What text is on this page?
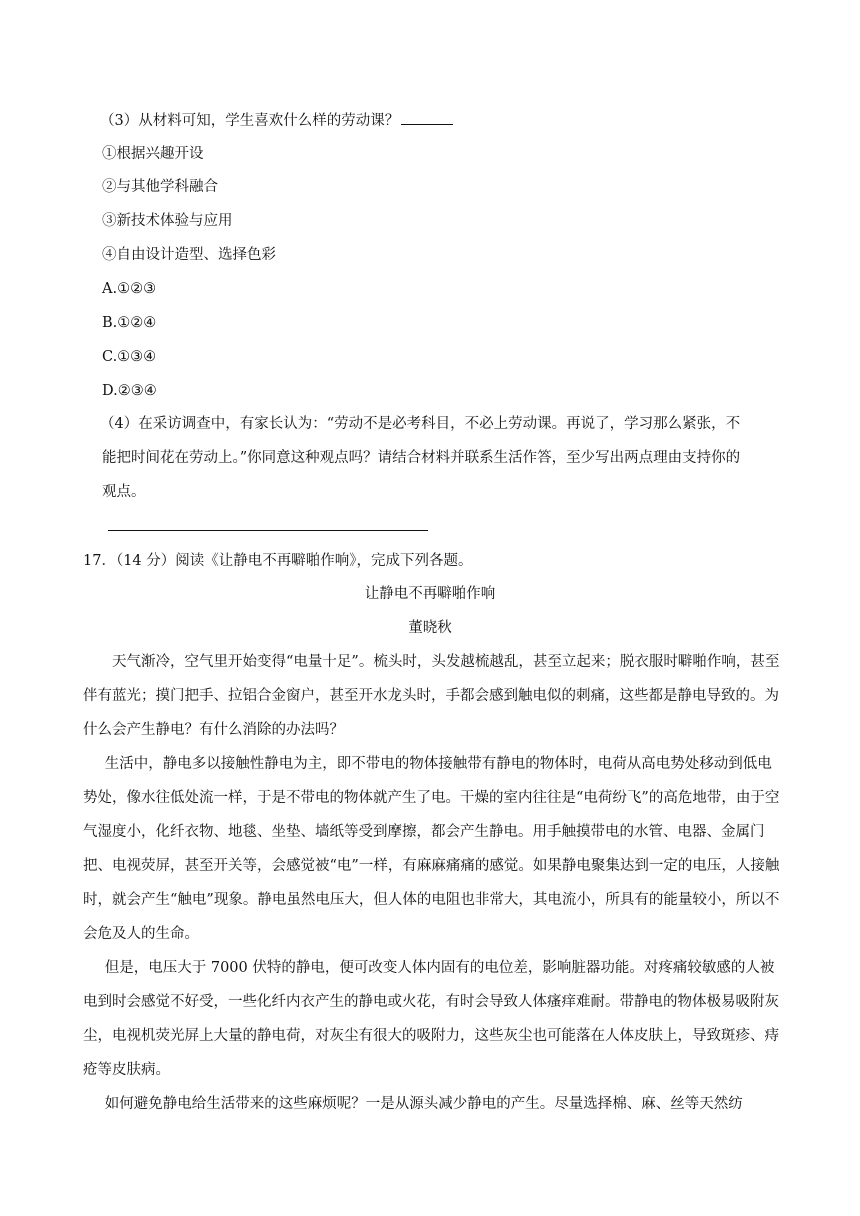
（3）从材料可知，学生喜欢什么样的劳动课？
①根据兴趣开设
②与其他学科融合
③新技术体验与应用
④自由设计造型、选择色彩
A.①②③
B.①②④
C.①③④
D.②③④
（4）在采访调查中，有家长认为：“劳动不是必考科目，不必上劳动课。再说了，学习那么紧张，不
能把时间花在劳动上。”你同意这种观点吗？请结合材料并联系生活作答，至少写出两点理由支持你的
观点。
17．（14 分）阅读《让静电不再噼啪作响》，完成下列各题。
让静电不再噼啪作响
董晓秋
天气渐冷，空气里开始变得“电量十足”。梳头时，头发越梳越乱，甚至立起来；脱衣服时噼啪作响，甚至伴有蓝光；摸门把手、拉铝合金窗户，甚至开水龙头时，手都会感到触电似的刺痛，这些都是静电导致的。为什么会产生静电？有什么消除的办法吗？
生活中，静电多以接触性静电为主，即不带电的物体接触带有静电的物体时，电荷从高电势处移动到低电势处，像水往低处流一样，于是不带电的物体就产生了电。干燥的室内往往是“电荷纷飞”的高危地带，由于空气湿度小，化纤衣物、地毯、坐垫、墙纸等受到摩擦，都会产生静电。用手触摸带电的水管、电器、金属门把、电视荧屏，甚至开关等，会感觉被“电”一样，有麻麻痛痛的感觉。如果静电聚集达到一定的电压，人接触时，就会产生“触电”现象。静电虽然电压大，但人体的电阻也非常大，其电流小，所具有的能量较小，所以不会危及人的生命。
但是，电压大于 7000 伏特的静电，便可改变人体内固有的电位差，影响脏器功能。对疼痛较敏感的人被电到时会感觉不好受，一些化纤内衣产生的静电或火花，有时会导致人体瘙痒难耐。带静电的物体极易吸附灰尘，电视机荧光屏上大量的静电荷，对灰尘有很大的吸附力，这些灰尘也可能落在人体皮肤上，导致斑疹、痔疮等皮肤病。
如何避免静电给生活带来的这些麻烦呢？一是从源头减少静电的产生。尽量选择棉、麻、丝等天然纺
